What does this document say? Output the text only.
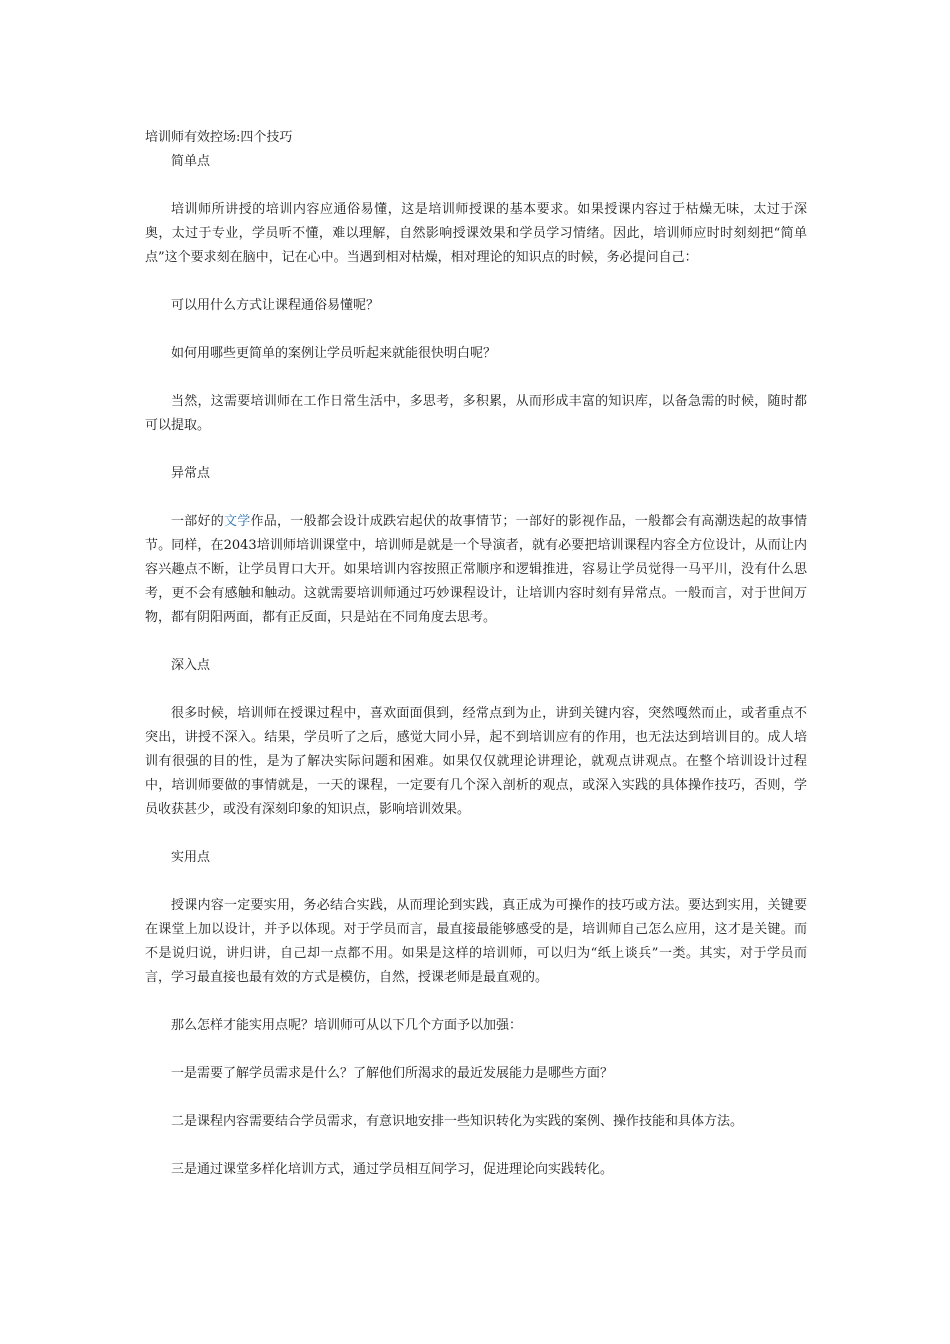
培训师有效控场:四个技巧

简单点

培训师所讲授的培训内容应通俗易懂，这是培训师授课的基本要求。如果授课内容过于枯燥无味，太过于深奥，太过于专业，学员听不懂，难以理解，自然影响授课效果和学员学习情绪。因此，培训师应时时刻刻把“简单点”这个要求刻在脑中，记在心中。当遇到相对枯燥，相对理论的知识点的时候，务必提问自己：

可以用什么方式让课程通俗易懂呢？

如何用哪些更简单的案例让学员听起来就能很快明白呢？

当然，这需要培训师在工作日常生活中，多思考，多积累，从而形成丰富的知识库，以备急需的时候，随时都可以提取。

异常点

一部好的文学作品，一般都会设计成跌宕起伏的故事情节；一部好的影视作品，一般都会有高潮迭起的故事情节。同样，在2043培训师培训课堂中，培训师是就是一个导演者，就有必要把培训课程内容全方位设计，从而让内容兴趣点不断，让学员胃口大开。如果培训内容按照正常顺序和逻辑推进，容易让学员觉得一马平川，没有什么思考，更不会有感触和触动。这就需要培训师通过巧妙课程设计，让培训内容时刻有异常点。一般而言，对于世间万物，都有阴阳两面，都有正反面，只是站在不同角度去思考。

深入点

很多时候，培训师在授课过程中，喜欢面面俱到，经常点到为止，讲到关键内容，突然嘎然而止，或者重点不突出，讲授不深入。结果，学员听了之后，感觉大同小异，起不到培训应有的作用，也无法达到培训目的。成人培训有很强的目的性，是为了解决实际问题和困难。如果仅仅就理论讲理论，就观点讲观点。在整个培训设计过程中，培训师要做的事情就是，一天的课程，一定要有几个深入剖析的观点，或深入实践的具体操作技巧，否则，学员收获甚少，或没有深刻印象的知识点，影响培训效果。

实用点

授课内容一定要实用，务必结合实践，从而理论到实践，真正成为可操作的技巧或方法。要达到实用，关键要在课堂上加以设计，并予以体现。对于学员而言，最直接最能够感受的是，培训师自己怎么应用，这才是关键。而不是说归说，讲归讲，自己却一点都不用。如果是这样的培训师，可以归为“纸上谈兵”一类。其实，对于学员而言，学习最直接也最有效的方式是模仿，自然，授课老师是最直观的。

那么怎样才能实用点呢？培训师可从以下几个方面予以加强：

一是需要了解学员需求是什么？了解他们所渴求的最近发展能力是哪些方面？

二是课程内容需要结合学员需求，有意识地安排一些知识转化为实践的案例、操作技能和具体方法。

三是通过课堂多样化培训方式，通过学员相互间学习，促进理论向实践转化。
